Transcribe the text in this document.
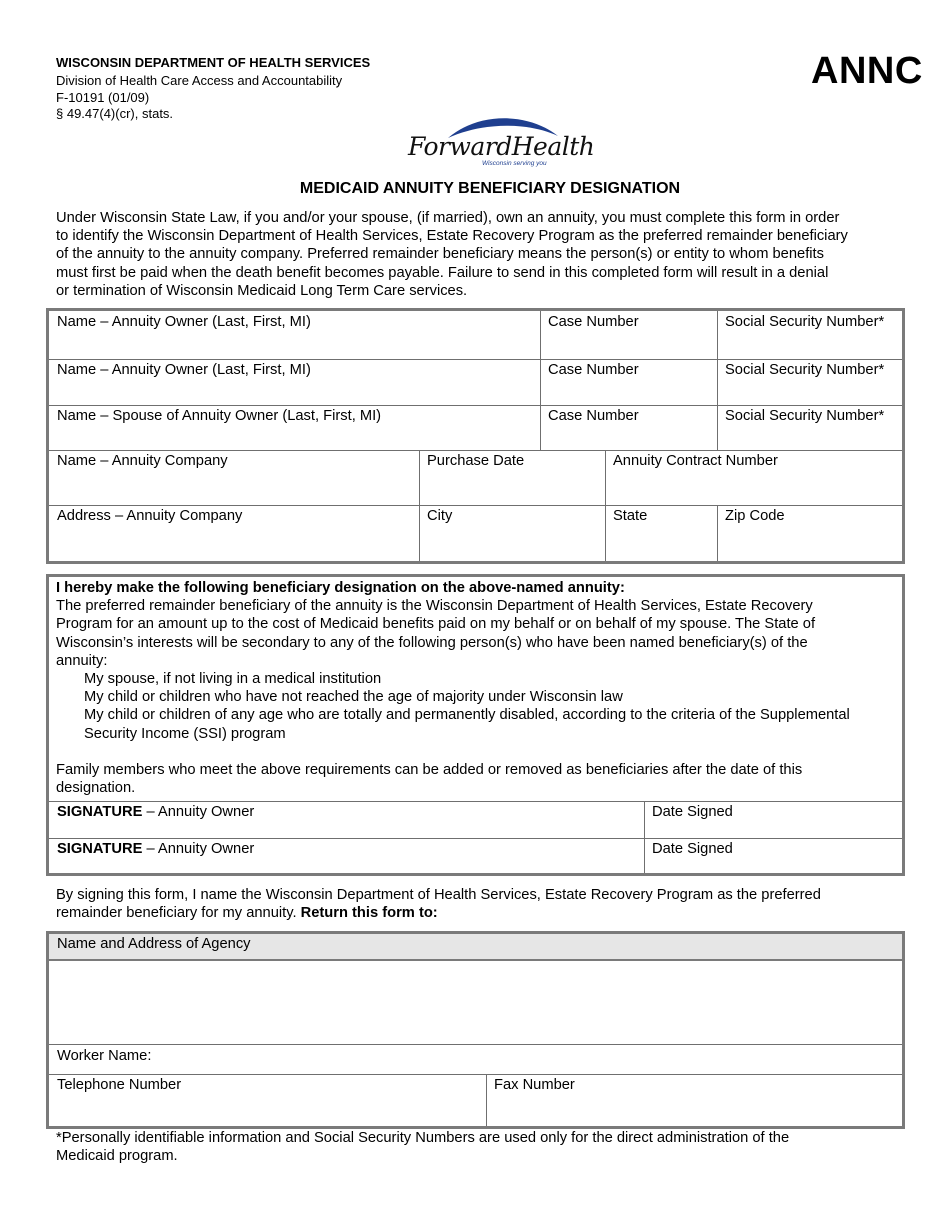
WISCONSIN DEPARTMENT OF HEALTH SERVICES
Division of Health Care Access and Accountability
F-10191 (01/09)
§ 49.47(4)(cr), stats.
ANNC
ForwardHealth
Wisconsin serving you
MEDICAID ANNUITY BENEFICIARY DESIGNATION
Under Wisconsin State Law, if you and/or your spouse, (if married), own an annuity, you must complete this form in order
to identify the Wisconsin Department of Health Services, Estate Recovery Program as the preferred remainder beneficiary
of the annuity to the annuity company. Preferred remainder beneficiary means the person(s) or entity to whom benefits
must first be paid when the death benefit becomes payable. Failure to send in this completed form will result in a denial
or termination of Wisconsin Medicaid Long Term Care services.
Name – Annuity Owner (Last, First, MI)	Case Number	Social Security Number*
Name – Annuity Owner (Last, First, MI)	Case Number	Social Security Number*
Name – Spouse of Annuity Owner (Last, First, MI)	Case Number	Social Security Number*
Name – Annuity Company	Purchase Date	Annuity Contract Number
Address – Annuity Company	City	State	Zip Code
I hereby make the following beneficiary designation on the above-named annuity:
The preferred remainder beneficiary of the annuity is the Wisconsin Department of Health Services, Estate Recovery
Program for an amount up to the cost of Medicaid benefits paid on my behalf or on behalf of my spouse. The State of
Wisconsin’s interests will be secondary to any of the following person(s) who have been named beneficiary(s) of the
annuity:
My spouse, if not living in a medical institution
My child or children who have not reached the age of majority under Wisconsin law
My child or children of any age who are totally and permanently disabled, according to the criteria of the Supplemental
Security Income (SSI) program
Family members who meet the above requirements can be added or removed as beneficiaries after the date of this
designation.
SIGNATURE – Annuity Owner	Date Signed
SIGNATURE – Annuity Owner	Date Signed
By signing this form, I name the Wisconsin Department of Health Services, Estate Recovery Program as the preferred
remainder beneficiary for my annuity. Return this form to:
Name and Address of Agency
Worker Name:
Telephone Number	Fax Number
*Personally identifiable information and Social Security Numbers are used only for the direct administration of the
Medicaid program.
